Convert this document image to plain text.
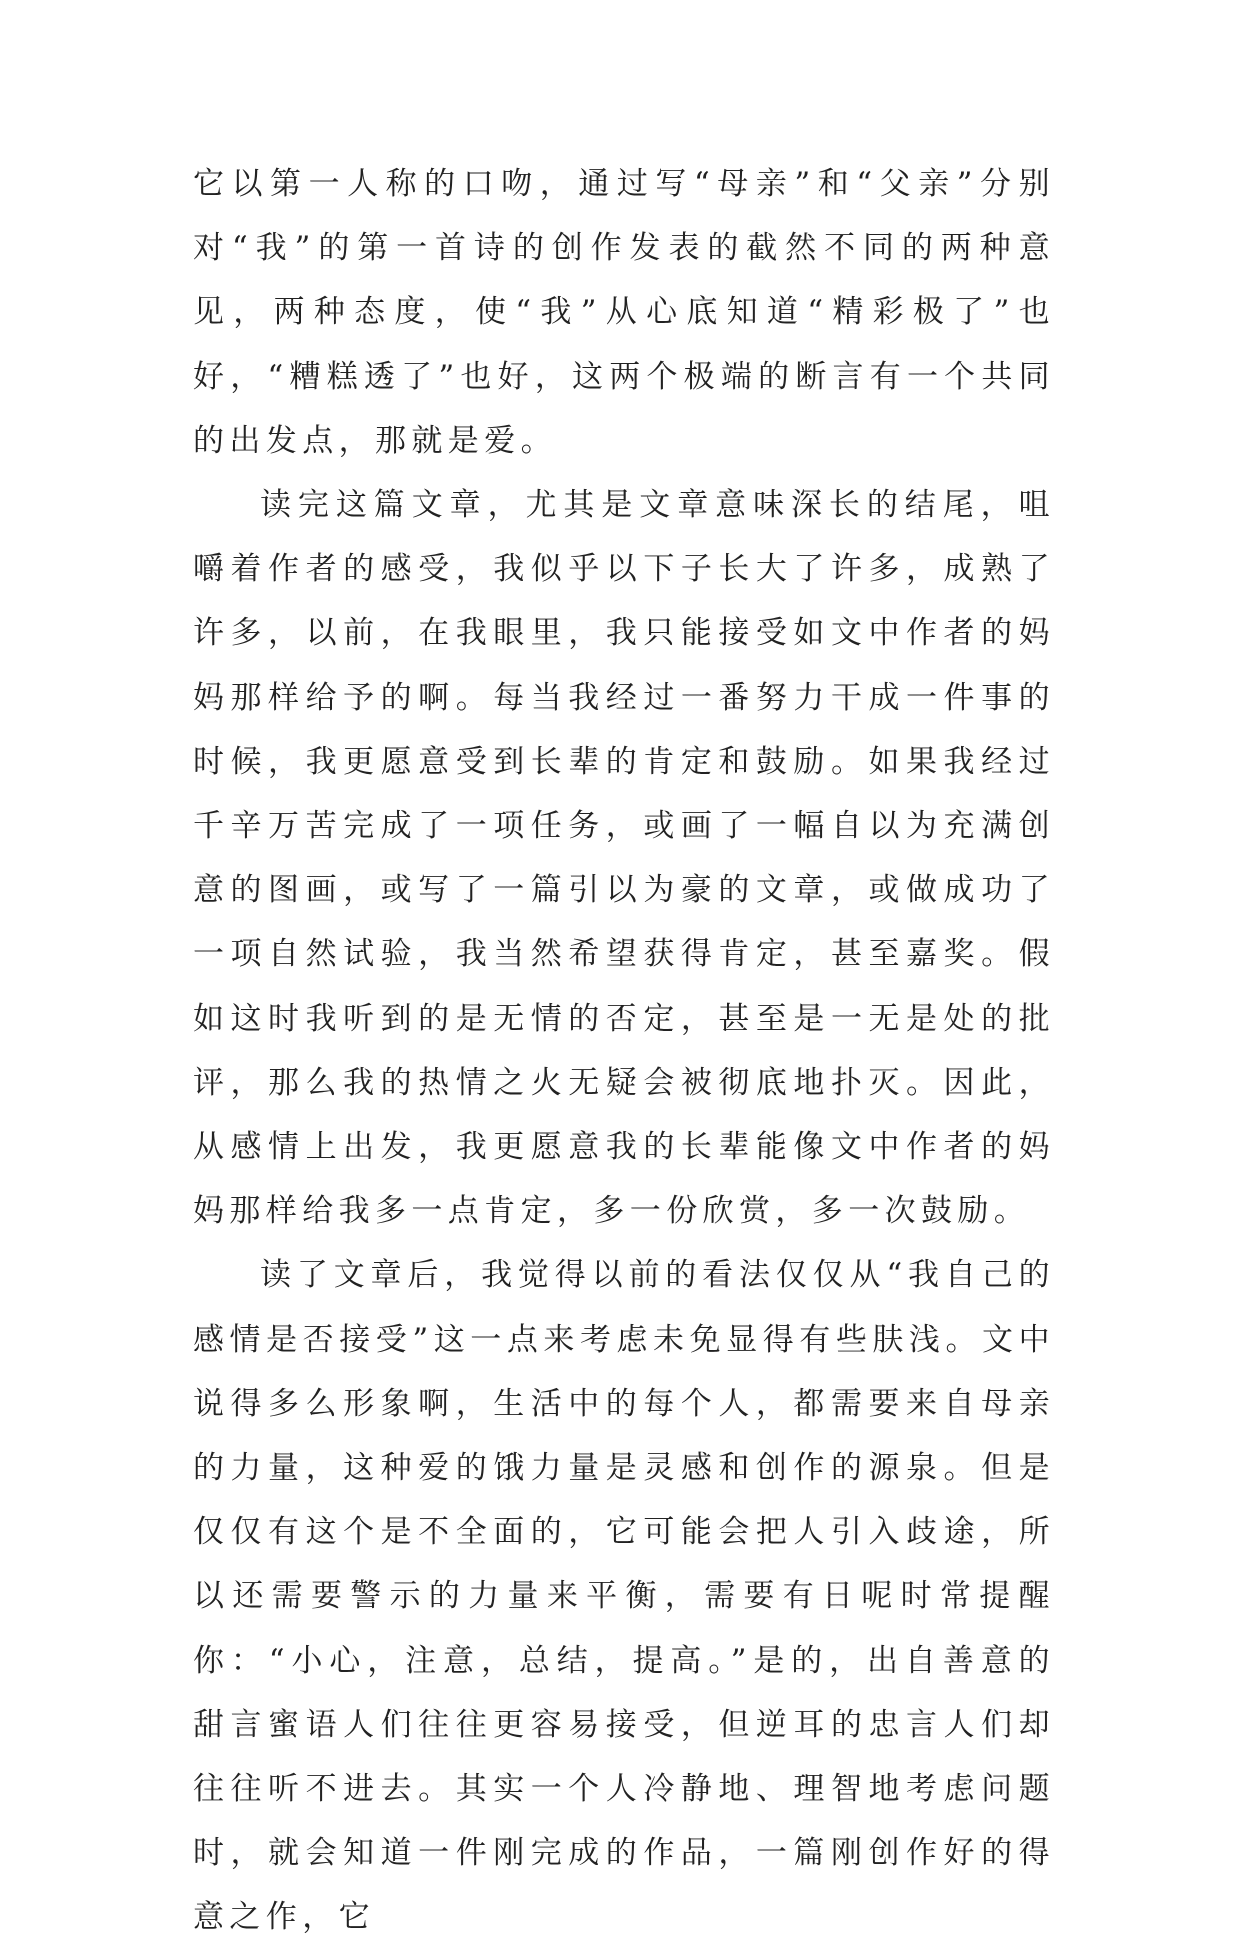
它以第一人称的口吻，通过写“母亲”和“父亲”分别对“我”的第一首诗的创作发表的截然不同的两种意见，两种态度，使“我”从心底知道“精彩极了”也好，“糟糕透了”也好，这两个极端的断言有一个共同的出发点，那就是爱。

读完这篇文章，尤其是文章意味深长的结尾，咀嚼着作者的感受，我似乎以下子长大了许多，成熟了许多，以前，在我眼里，我只能接受如文中作者的妈妈那样给予的啊。每当我经过一番努力干成一件事的时候，我更愿意受到长辈的肯定和鼓励。如果我经过千辛万苦完成了一项任务，或画了一幅自以为充满创意的图画，或写了一篇引以为豪的文章，或做成功了一项自然试验，我当然希望获得肯定，甚至嘉奖。假如这时我听到的是无情的否定，甚至是一无是处的批评，那么我的热情之火无疑会被彻底地扑灭。因此，从感情上出发，我更愿意我的长辈能像文中作者的妈妈那样给我多一点肯定，多一份欣赏，多一次鼓励。

读了文章后，我觉得以前的看法仅仅从“我自己的感情是否接受”这一点来考虑未免显得有些肤浅。文中说得多么形象啊，生活中的每个人，都需要来自母亲的力量，这种爱的饿力量是灵感和创作的源泉。但是仅仅有这个是不全面的，它可能会把人引入歧途，所以还需要警示的力量来平衡，需要有日呢时常提醒你：“小心，注意，总结，提高。”是的，出自善意的甜言蜜语人们往往更容易接受，但逆耳的忠言人们却往往听不进去。其实一个人冷静地、理智地考虑问题时，就会知道一件刚完成的作品，一篇刚创作好的得意之作，它
